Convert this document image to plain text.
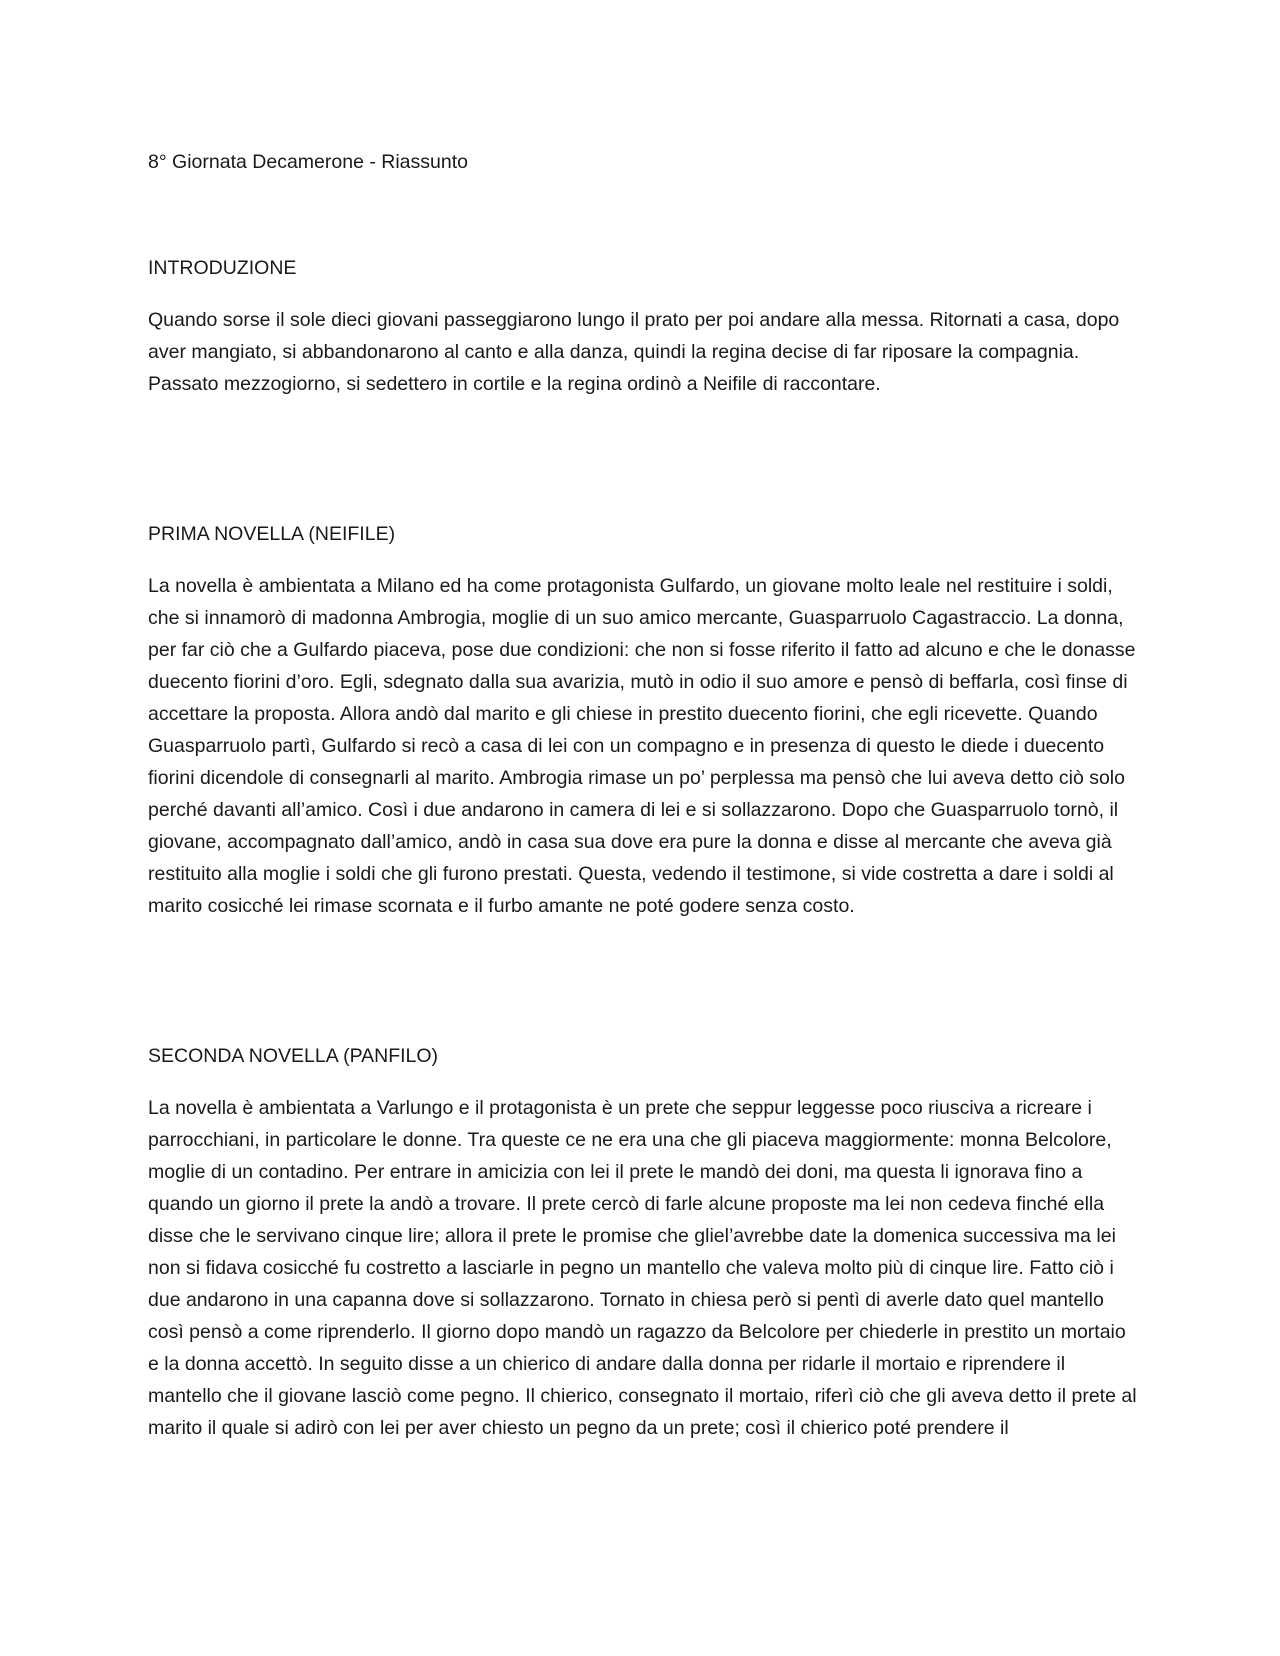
8° Giornata Decamerone - Riassunto

INTRODUZIONE

Quando sorse il sole dieci giovani passeggiarono lungo il prato per poi andare alla messa. Ritornati a casa, dopo aver mangiato, si abbandonarono al canto e alla danza, quindi la regina decise di far riposare la compagnia. Passato mezzogiorno, si sedettero in cortile e la regina ordinò a Neifile di raccontare.

PRIMA NOVELLA (NEIFILE)

La novella è ambientata a Milano ed ha come protagonista Gulfardo, un giovane molto leale nel restituire i soldi, che si innamorò di madonna Ambrogia, moglie di un suo amico mercante, Guasparruolo Cagastraccio. La donna, per far ciò che a Gulfardo piaceva, pose due condizioni: che non si fosse riferito il fatto ad alcuno e che le donasse duecento fiorini d’oro. Egli, sdegnato dalla sua avarizia, mutò in odio il suo amore e pensò di beffarla, così finse di accettare la proposta. Allora andò dal marito e gli chiese in prestito duecento fiorini, che egli ricevette. Quando Guasparruolo partì, Gulfardo si recò a casa di lei con un compagno e in presenza di questo le diede i duecento fiorini dicendole di consegnarli al marito. Ambrogia rimase un po’ perplessa ma pensò che lui aveva detto ciò solo perché davanti all’amico. Così i due andarono in camera di lei e si sollazzarono. Dopo che Guasparruolo tornò, il giovane, accompagnato dall’amico, andò in casa sua dove era pure la donna e disse al mercante che aveva già restituito alla moglie i soldi che gli furono prestati. Questa, vedendo il testimone, si vide costretta a dare i soldi al marito cosicché lei rimase scornata e il furbo amante ne poté godere senza costo.

SECONDA NOVELLA (PANFILO)

La novella è ambientata a Varlungo e il protagonista è un prete che seppur leggesse poco riusciva a ricreare i parrocchiani, in particolare le donne. Tra queste ce ne era una che gli piaceva maggiormente: monna Belcolore, moglie di un contadino. Per entrare in amicizia con lei il prete le mandò dei doni, ma questa li ignorava fino a quando un giorno il prete la andò a trovare. Il prete cercò di farle alcune proposte ma lei non cedeva finché ella disse che le servivano cinque lire; allora il prete le promise che gliel’avrebbe date la domenica successiva ma lei non si fidava cosicché fu costretto a lasciarle in pegno un mantello che valeva molto più di cinque lire. Fatto ciò i due andarono in una capanna dove si sollazzarono. Tornato in chiesa però si pentì di averle dato quel mantello così pensò a come riprenderlo. Il giorno dopo mandò un ragazzo da Belcolore per chiederle in prestito un mortaio e la donna accettò. In seguito disse a un chierico di andare dalla donna per ridarle il mortaio e riprendere il mantello che il giovane lasciò come pegno. Il chierico, consegnato il mortaio, riferì ciò che gli aveva detto il prete al marito il quale si adirò con lei per aver chiesto un pegno da un prete; così il chierico poté prendere il
